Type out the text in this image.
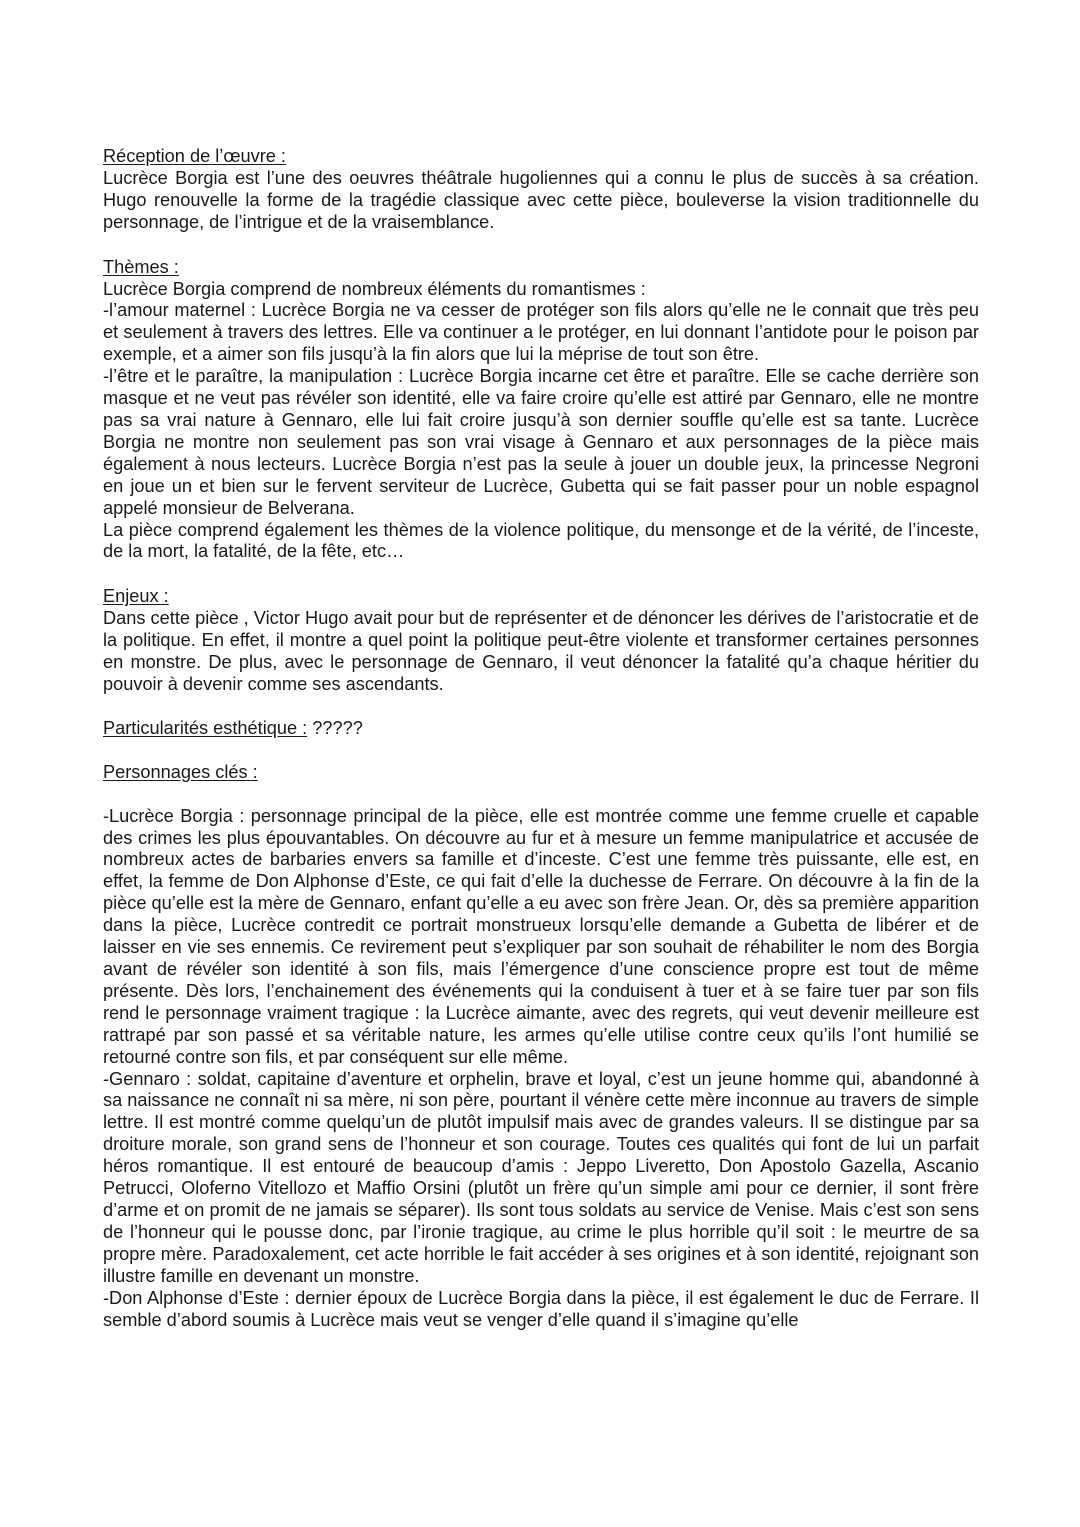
Réception de l’œuvre :

Lucrèce Borgia est l’une des oeuvres théâtrale hugoliennes qui a connu le plus de succès à sa création. Hugo renouvelle la forme de la tragédie classique avec cette pièce, bouleverse la vision traditionnelle du personnage, de l’intrigue et de la vraisemblance.

Thèmes :

Lucrèce Borgia comprend de nombreux éléments du romantismes :

-l’amour maternel : Lucrèce Borgia ne va cesser de protéger son fils alors qu’elle ne le connait que très peu et seulement à travers des lettres. Elle va continuer a le protéger, en lui donnant l’antidote pour le poison par exemple, et a aimer son fils jusqu’à la fin alors que lui la méprise de tout son être.

-l’être et le paraître, la manipulation : Lucrèce Borgia incarne cet être et paraître. Elle se cache derrière son masque et ne veut pas révéler son identité, elle va faire croire qu’elle est attiré par Gennaro, elle ne montre pas sa vrai nature à Gennaro, elle lui fait croire jusqu’à son dernier souffle qu’elle est sa tante. Lucrèce Borgia ne montre non seulement pas son vrai visage à Gennaro et aux personnages de la pièce mais également à nous lecteurs. Lucrèce Borgia n’est pas la seule à jouer un double jeux, la princesse Negroni en joue un et bien sur le fervent serviteur de Lucrèce, Gubetta qui se fait passer pour un noble espagnol appelé monsieur de Belverana.

La pièce comprend également les thèmes de la violence politique, du mensonge et de la vérité, de l’inceste, de la mort, la fatalité, de la fête, etc…

Enjeux :

Dans cette pièce , Victor Hugo avait pour but de représenter et de dénoncer les dérives de l’aristocratie et de la politique. En effet, il montre a quel point la politique peut-être violente et transformer certaines personnes en monstre. De plus, avec le personnage de Gennaro, il veut dénoncer la fatalité qu’a chaque héritier du pouvoir à devenir comme ses ascendants.

Particularités esthétique : ?????

Personnages clés :

-Lucrèce Borgia : personnage principal de la pièce, elle est montrée comme une femme cruelle et capable des crimes les plus épouvantables. On découvre au fur et à mesure un femme manipulatrice et accusée de nombreux actes de barbaries envers sa famille et d’inceste. C’est une femme très puissante, elle est, en effet, la femme de Don Alphonse d’Este, ce qui fait d’elle la duchesse de Ferrare. On découvre à la fin de la pièce qu’elle est la mère de Gennaro, enfant qu’elle a eu avec son frère Jean. Or, dès sa première apparition dans la pièce, Lucrèce contredit ce portrait monstrueux lorsqu’elle demande a Gubetta de libérer et de laisser en vie ses ennemis. Ce revirement peut s’expliquer par son souhait de réhabiliter le nom des Borgia avant de révéler son identité à son fils, mais l’émergence d’une conscience propre est tout de même présente. Dès lors, l’enchainement des événements qui la conduisent à tuer et à se faire tuer par son fils rend le personnage vraiment tragique : la Lucrèce aimante, avec des regrets, qui veut devenir meilleure est rattrapé par son passé et sa véritable nature, les armes qu’elle utilise contre ceux qu’ils l’ont humilié se retourné contre son fils, et par conséquent sur elle même.

-Gennaro : soldat, capitaine d’aventure et orphelin, brave et loyal, c’est un jeune homme qui, abandonné à sa naissance ne connaît ni sa mère, ni son père, pourtant il vénère cette mère inconnue au travers de simple lettre. Il est montré comme quelqu’un de plutôt impulsif mais avec de grandes valeurs. Il se distingue par sa droiture morale, son grand sens de l’honneur et son courage. Toutes ces qualités qui font de lui un parfait héros romantique. Il est entouré de beaucoup d’amis : Jeppo Liveretto, Don Apostolo Gazella, Ascanio Petrucci, Oloferno Vitellozo et Maffio Orsini (plutôt un frère qu’un simple ami pour ce dernier, il sont frère d’arme et on promit de ne jamais se séparer). Ils sont tous soldats au service de Venise. Mais c’est son sens de l’honneur qui le pousse donc, par l’ironie tragique, au crime le plus horrible qu’il soit : le meurtre de sa propre mère. Paradoxalement, cet acte horrible le fait accéder à ses origines et à son identité, rejoignant son illustre famille en devenant un monstre.

-Don Alphonse d’Este : dernier époux de Lucrèce Borgia dans la pièce, il est également le duc de Ferrare. Il semble d’abord soumis à Lucrèce mais veut se venger d’elle quand il s’imagine qu’elle
